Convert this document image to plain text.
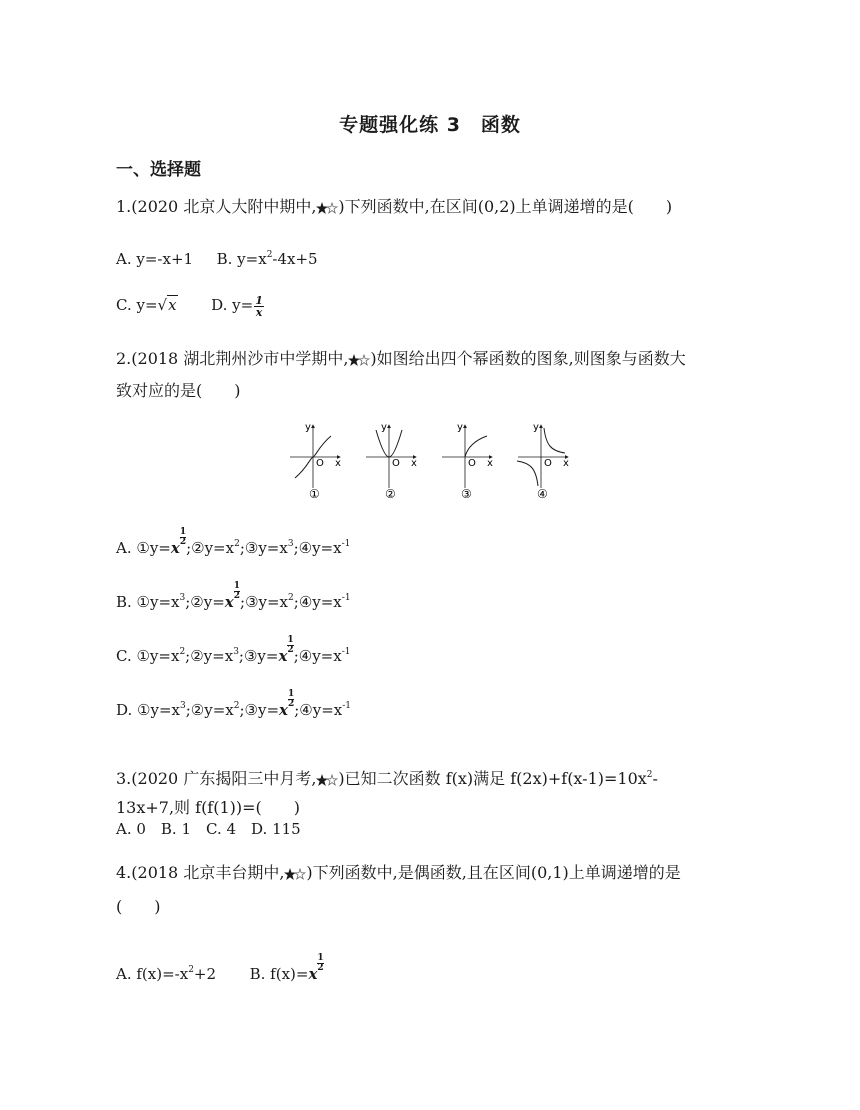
专题强化练 3　函数
一、选择题
1.(2020 北京人大附中期中, )下列函数中,在区间(0,2)上单调递增的是(　　)
A. y=-x+1 B. $y=x^2-4x+5$
C. y=√x D. $y= \frac{1}{x}$
2.(2018 湖北荆州沙市中学期中, )如图给出四个幂函数的图象,则图象与函数大
致对应的是(　　)
y
O x
①
y
O x
②
y
O x
③
y
O x
④
A. ①y=x
$\frac{1}{2}$
$;②y=x^2;③y=x^3;④y=x^{-1}$
B. $①y=x^3;②y=x$
$\frac{1}{2}$
$;③y=x^2;④y=x^{-1}$
C. $①y=x^2;②y=x^3;③y=x$
$\frac{1}{2}$
$;④y=x^{-1}$
D. $①y=x^3;②y=x^2;③y=x$
$\frac{1}{2}$
$;④y=x^{-1}$
3.(2020 广东揭阳三中月考, )已知二次函数 f(x)满足 $f(2x)+f(x-1)=10x^2-$
13x+7,则 f(f(1))=(　　)
A. 0　B. 1　C. 4　D. 115
4.(2018 北京丰台期中, )下列函数中,是偶函数,且在区间(0,1)上单调递增的是
(　　)
A. $f(x)=-x^2+2$ B. f(x)=x
$\frac{1}{2}$
